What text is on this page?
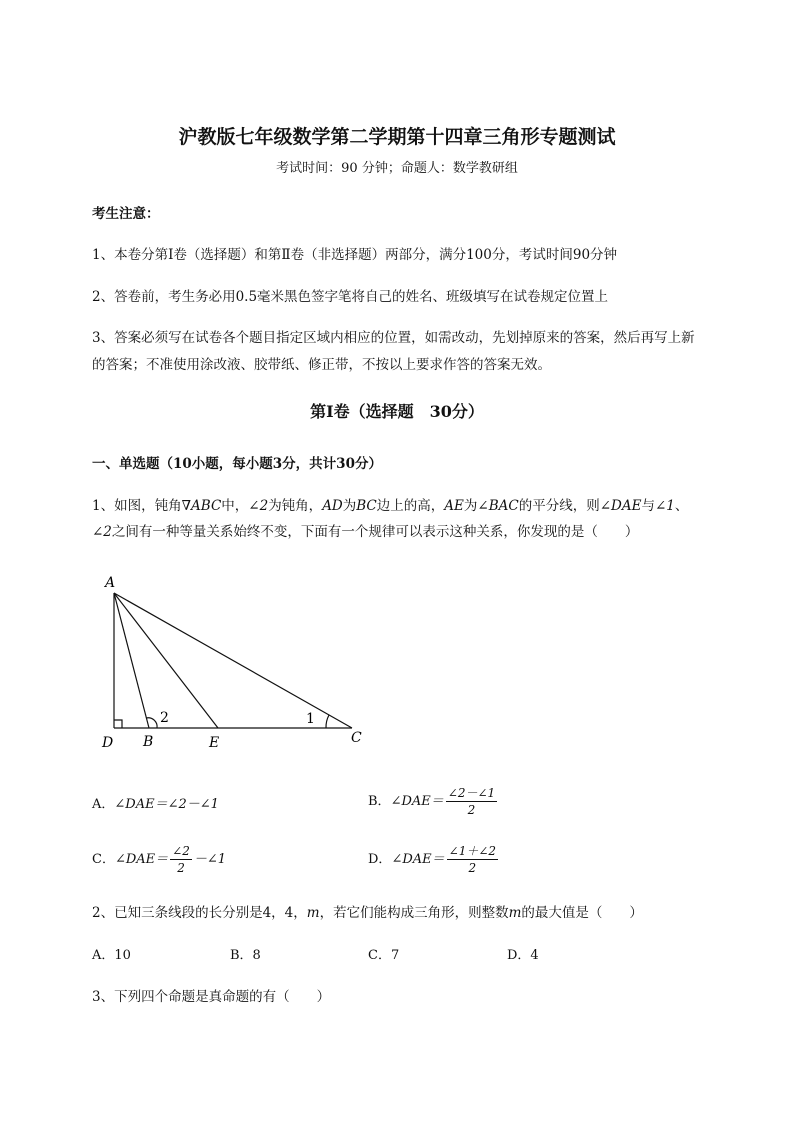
沪教版七年级数学第二学期第十四章三角形专题测试
考试时间：90 分钟；命题人：数学教研组
考生注意：
1、本卷分第Ⅰ卷（选择题）和第Ⅱ卷（非选择题）两部分，满分100分，考试时间90分钟
2、答卷前，考生务必用0.5毫米黑色签字笔将自己的姓名、班级填写在试卷规定位置上
3、答案必须写在试卷各个题目指定区域内相应的位置，如需改动，先划掉原来的答案，然后再写上新
的答案；不准使用涂改液、胶带纸、修正带，不按以上要求作答的答案无效。
第Ⅰ卷（选择题　30分）
一、单选题（10小题，每小题3分，共计30分）
1、如图，钝角∇ABC中，∠2为钝角，AD为BC边上的高，AE为∠BAC的平分线，则∠DAE与∠1、
∠2之间有一种等量关系始终不变，下面有一个规律可以表示这种关系，你发现的是（　　）
A
D B	E	C
2	1
A．∠DAE＝∠2－∠1	B．∠DAE＝ $\frac{\angle 2-\angle 1}{2}$
C．∠DAE＝ $\frac{\angle 2}{2}$ －∠1	D．∠DAE＝ $\frac{\angle 1+\angle 2}{2}$
2、已知三条线段的长分别是4，4，m，若它们能构成三角形，则整数m的最大值是（　　）
A．10	B．8	C．7	D．4
3、下列四个命题是真命题的有（　　）
